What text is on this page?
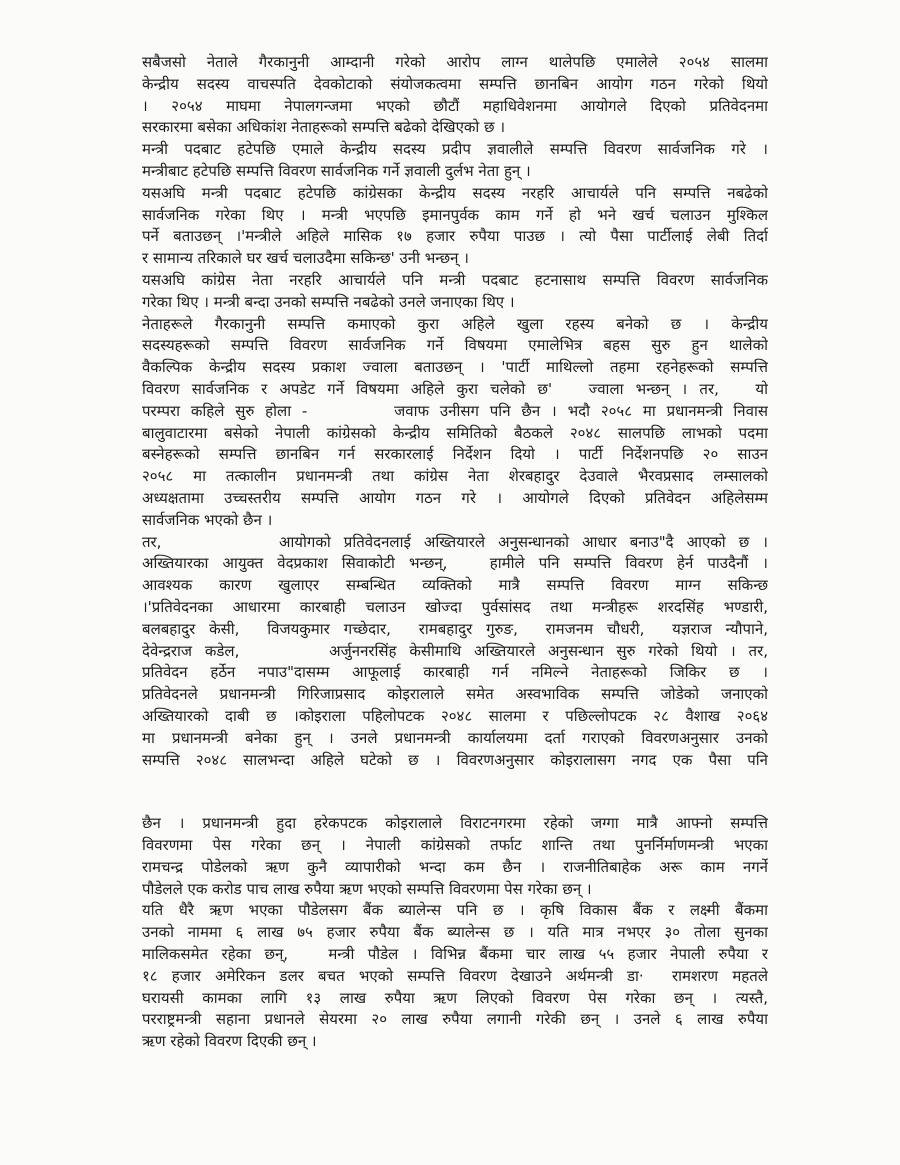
सबैजसो नेताले गैरकानुनी आम्दानी गरेको आरोप लाग्न थालेपछि एमालेले २०५४ सालमा
केन्द्रीय सदस्य वाचस्पति देवकोटाको संयोजकत्वमा सम्पत्ति छानबिन आयोग गठन गरेको थियो
। २०५४ माघमा नेपालगन्जमा भएको छौटौं महाधिवेशनमा आयोगले दिएको प्रतिवेदनमा
सरकारमा बसेका अधिकांश नेताहरूको सम्पत्ति बढेको देखिएको छ ।
मन्त्री पदबाट हटेपछि एमाले केन्द्रीय सदस्य प्रदीप ज्ञवालीले सम्पत्ति विवरण सार्वजनिक गरे ।
मन्त्रीबाट हटेपछि सम्पत्ति विवरण सार्वजनिक गर्ने ज्ञवाली दुर्लभ नेता हुन् ।
यसअघि मन्त्री पदबाट हटेपछि कांग्रेसका केन्द्रीय सदस्य नरहरि आचार्यले पनि सम्पत्ति नबढेको
सार्वजनिक गरेका थिए । मन्त्री भएपछि इमानपुर्वक काम गर्ने हो भने खर्च चलाउन मुश्किल
पर्ने बताउछन् ।'मन्त्रीले अहिले मासिक १७ हजार रुपैया पाउछ । त्यो पैसा पार्टीलाई लेबी तिर्दा
र सामान्य तरिकाले घर खर्च चलाउदैमा सकिन्छ' उनी भन्छन् ।
यसअघि कांग्रेस नेता नरहरि आचार्यले पनि मन्त्री पदबाट हटनासाथ सम्पत्ति विवरण सार्वजनिक
गरेका थिए । मन्त्री बन्दा उनको सम्पत्ति नबढेको उनले जनाएका थिए ।
नेताहरूले गैरकानुनी सम्पत्ति कमाएको कुरा अहिले खुला रहस्य बनेको छ । केन्द्रीय
सदस्यहरूको सम्पत्ति विवरण सार्वजनिक गर्ने विषयमा एमालेभित्र बहस सुरु हुन थालेको
वैकल्पिक केन्द्रीय सदस्य प्रकाश ज्वाला बताउछन् । 'पार्टी माथिल्लो तहमा रहनेहरूको सम्पत्ति
विवरण सार्वजनिक र अपडेट गर्ने विषयमा अहिले कुरा चलेको छ'   ज्वाला भन्छन् । तर,   यो
परम्परा कहिले सुरु होला -        जवाफ उनीसग पनि छैन । भदौ २०५८ मा प्रधानमन्त्री निवास
बालुवाटारमा बसेको नेपाली कांग्रेसको केन्द्रीय समितिको बैठकले २०४८ सालपछि लाभको पदमा
बस्नेहरूको सम्पत्ति छानबिन गर्न सरकारलाई निर्देशन दियो । पार्टी निर्देशनपछि २० साउन
२०५८ मा तत्कालीन प्रधानमन्त्री तथा कांग्रेस नेता शेरबहादुर देउवाले भैरवप्रसाद लम्सालको
अध्यक्षतामा उच्चस्तरीय सम्पत्ति आयोग गठन गरे । आयोगले दिएको प्रतिवेदन अहिलेसम्म
सार्वजनिक भएको छैन ।
तर,         आयोगको प्रतिवेदनलाई अख्तियारले अनुसन्धानको आधार बनाउ"दै आएको छ ।
अख्तियारका आयुक्त वेदप्रकाश सिवाकोटी भन्छन्,   हामीले पनि सम्पत्ति विवरण हेर्न पाउदैनौं ।
आवश्यक कारण खुलाएर सम्बन्धित व्यक्तिको मात्रै सम्पत्ति विवरण माग्न सकिन्छ
।'प्रतिवेदनका आधारमा कारबाही चलाउन खोज्दा पुर्वसांसद तथा मन्त्रीहरू शरदसिंह भण्डारी,
बलबहादुर केसी,  विजयकुमार गच्छेदार,  रामबहादुर गुरुङ,  रामजनम चौधरी,  यज्ञराज न्यौपाने,
देवेन्द्रराज कडेल,       अर्जुननरसिंह केसीमाथि अख्तियारले अनुसन्धान सुरु गरेको थियो । तर,
प्रतिवेदन हर्ठेन नपाउ"दासम्म आफूलाई कारबाही गर्न नमिल्ने नेताहरूको जिकिर छ ।
प्रतिवेदनले प्रधानमन्त्री गिरिजाप्रसाद कोइरालाले समेत अस्वभाविक सम्पत्ति जोडेको जनाएको
अख्तियारको दाबी छ ।कोइराला पहिलोपटक २०४८ सालमा र पछिल्लोपटक २८ वैशाख २०६४
मा प्रधानमन्त्री बनेका हुन् । उनले प्रधानमन्त्री कार्यालयमा दर्ता गराएको विवरणअनुसार उनको
सम्पत्ति २०४८ सालभन्दा अहिले घटेको छ । विवरणअनुसार कोइरालासग नगद एक पैसा पनि
छैन । प्रधानमन्त्री हुदा हरेकपटक कोइरालाले विराटनगरमा रहेको जग्गा मात्रै आफ्नो सम्पत्ति
विवरणमा पेस गरेका छन् । नेपाली कांग्रेसको तर्फाट शान्ति तथा पुनर्निर्माणमन्त्री भएका
रामचन्द्र पोडेलको ऋण कुनै व्यापारीको भन्दा कम छैन । राजनीतिबाहेक अरू काम नगर्ने
पौडेलले एक करोड पाच लाख रुपैया ऋण भएको सम्पत्ति विवरणमा पेस गरेका छन् ।
यति धैरै ऋण भएका पौडेलसग बैंक ब्यालेन्स पनि छ । कृषि विकास बैंक र लक्ष्मी बैंकमा
उनको नाममा ६ लाख ७५ हजार रुपैया बैंक ब्यालेन्स छ । यति मात्र नभएर ३० तोला सुनका
मालिकसमेत रहेका छन्,   मन्त्री पौडेल । विभिन्न बैंकमा चार लाख ५५ हजार नेपाली रुपैया र
१८ हजार अमेरिकन डलर बचत भएको सम्पत्ति विवरण देखाउने अर्थमन्त्री डा·  रामशरण महतले
घरायसी कामका लागि १३ लाख रुपैया ऋण लिएको विवरण पेस गरेका छन् । त्यस्तै,
परराष्ट्रमन्त्री सहाना प्रधानले सेयरमा २० लाख रुपैया लगानी गरेकी छन् । उनले ६ लाख रुपैया
ऋण रहेको विवरण दिएकी छन् ।
